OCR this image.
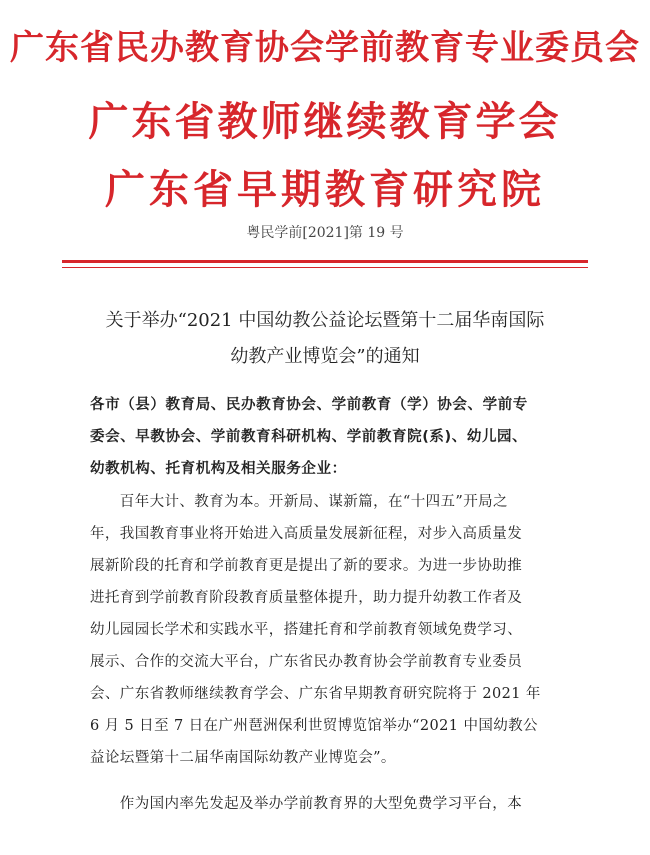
广东省民办教育协会学前教育专业委员会
广东省教师继续教育学会
广东省早期教育研究院
粤民学前[2021]第 19 号
关于举办“2021 中国幼教公益论坛暨第十二届华南国际
幼教产业博览会”的通知
各市（县）教育局、民办教育协会、学前教育（学）协会、学前专
委会、早教协会、学前教育科研机构、学前教育院(系)、幼儿园、
幼教机构、托育机构及相关服务企业：
　　百年大计、教育为本。开新局、谋新篇，在“十四五”开局之
年，我国教育事业将开始进入高质量发展新征程，对步入高质量发
展新阶段的托育和学前教育更是提出了新的要求。为进一步协助推
进托育到学前教育阶段教育质量整体提升，助力提升幼教工作者及
幼儿园园长学术和实践水平，搭建托育和学前教育领域免费学习、
展示、合作的交流大平台，广东省民办教育协会学前教育专业委员
会、广东省教师继续教育学会、广东省早期教育研究院将于 2021 年
6 月 5 日至 7 日在广州琶洲保利世贸博览馆举办“2021 中国幼教公
益论坛暨第十二届华南国际幼教产业博览会”。
　　作为国内率先发起及举办学前教育界的大型免费学习平台，本
